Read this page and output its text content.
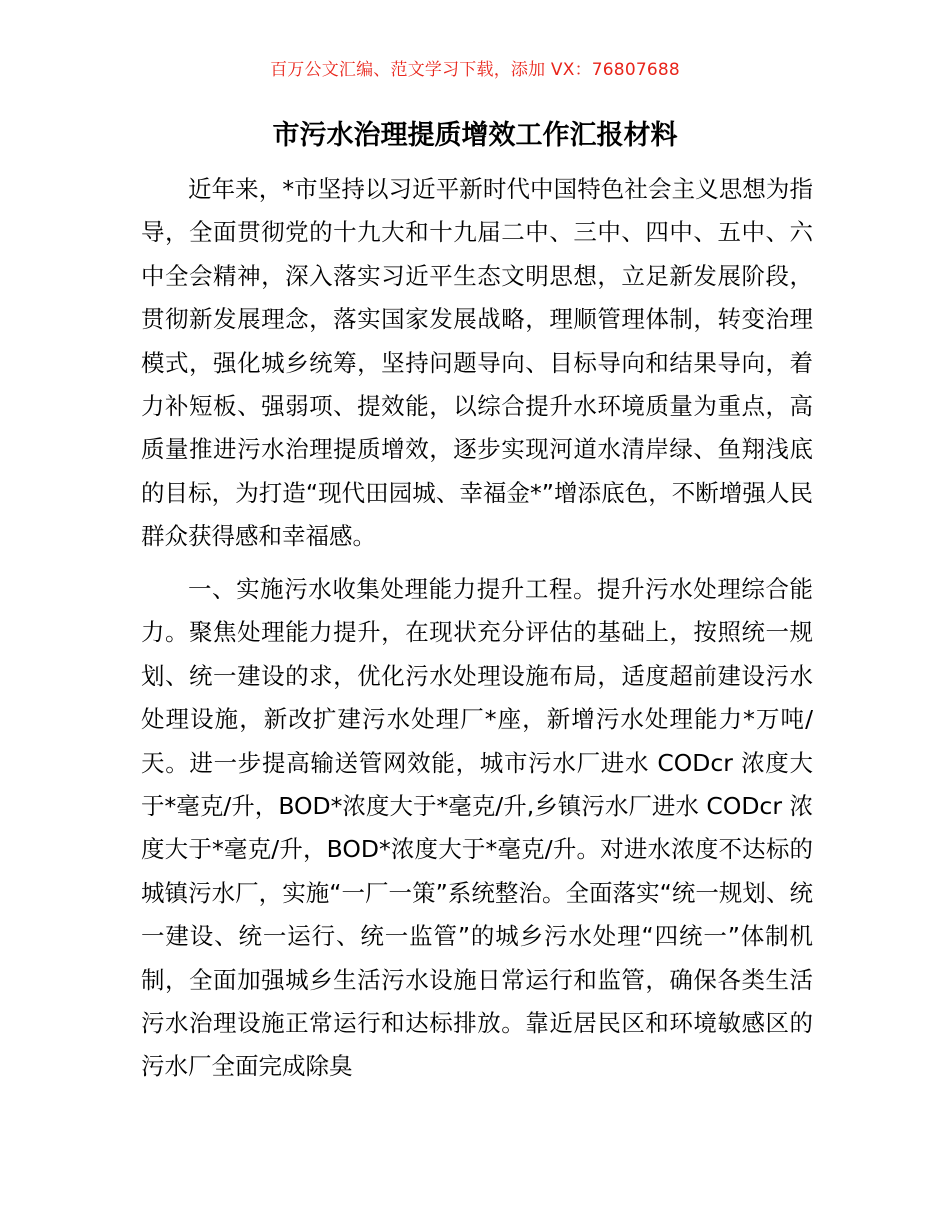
百万公文汇编、范文学习下载，添加 VX：76807688
市污水治理提质增效工作汇报材料

近年来，*市坚持以习近平新时代中国特色社会主义思想为指导，全面贯彻党的十九大和十九届二中、三中、四中、五中、六中全会精神，深入落实习近平生态文明思想，立足新发展阶段，贯彻新发展理念，落实国家发展战略，理顺管理体制，转变治理模式，强化城乡统筹，坚持问题导向、目标导向和结果导向，着力补短板、强弱项、提效能，以综合提升水环境质量为重点，高质量推进污水治理提质增效，逐步实现河道水清岸绿、鱼翔浅底的目标，为打造“现代田园城、幸福金*”增添底色，不断增强人民群众获得感和幸福感。

一、实施污水收集处理能力提升工程。提升污水处理综合能力。聚焦处理能力提升，在现状充分评估的基础上，按照统一规划、统一建设的求，优化污水处理设施布局，适度超前建设污水处理设施，新改扩建污水处理厂*座，新增污水处理能力*万吨/天。进一步提高输送管网效能，城市污水厂进水 CODcr 浓度大于*毫克/升，BOD*浓度大于*毫克/升,乡镇污水厂进水 CODcr 浓度大于*毫克/升，BOD*浓度大于*毫克/升。对进水浓度不达标的城镇污水厂，实施“一厂一策”系统整治。全面落实“统一规划、统一建设、统一运行、统一监管”的城乡污水处理“四统一”体制机制，全面加强城乡生活污水设施日常运行和监管，确保各类生活污水治理设施正常运行和达标排放。靠近居民区和环境敏感区的污水厂全面完成除臭
